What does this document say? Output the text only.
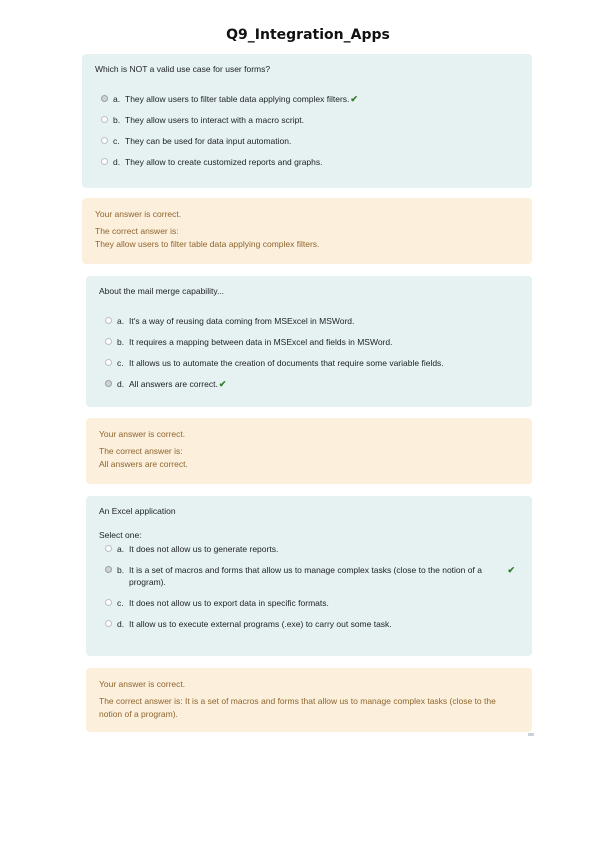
Q9_Integration_Apps
Which is NOT a valid use case for user forms?
a. They allow users to filter table data applying complex filters.✔
b. They allow users to interact with a macro script.
c. They can be used for data input automation.
d. They allow to create customized reports and graphs.
Your answer is correct.
The correct answer is:
They allow users to filter table data applying complex filters.
About the mail merge capability...
a. It's a way of reusing data coming from MSExcel in MSWord.
b. It requires a mapping between data in MSExcel and fields in MSWord.
c. It allows us to automate the creation of documents that require some variable fields.
d. All answers are correct.✔
Your answer is correct.
The correct answer is:
All answers are correct.
An Excel application
Select one:
a. It does not allow us to generate reports.
b. It is a set of macros and forms that allow us to manage complex tasks (close to the notion of a program).
✔
c. It does not allow us to export data in specific formats.
d. It allow us to execute external programs (.exe) to carry out some task.
Your answer is correct.
The correct answer is: It is a set of macros and forms that allow us to manage complex tasks (close to the notion of a program).
